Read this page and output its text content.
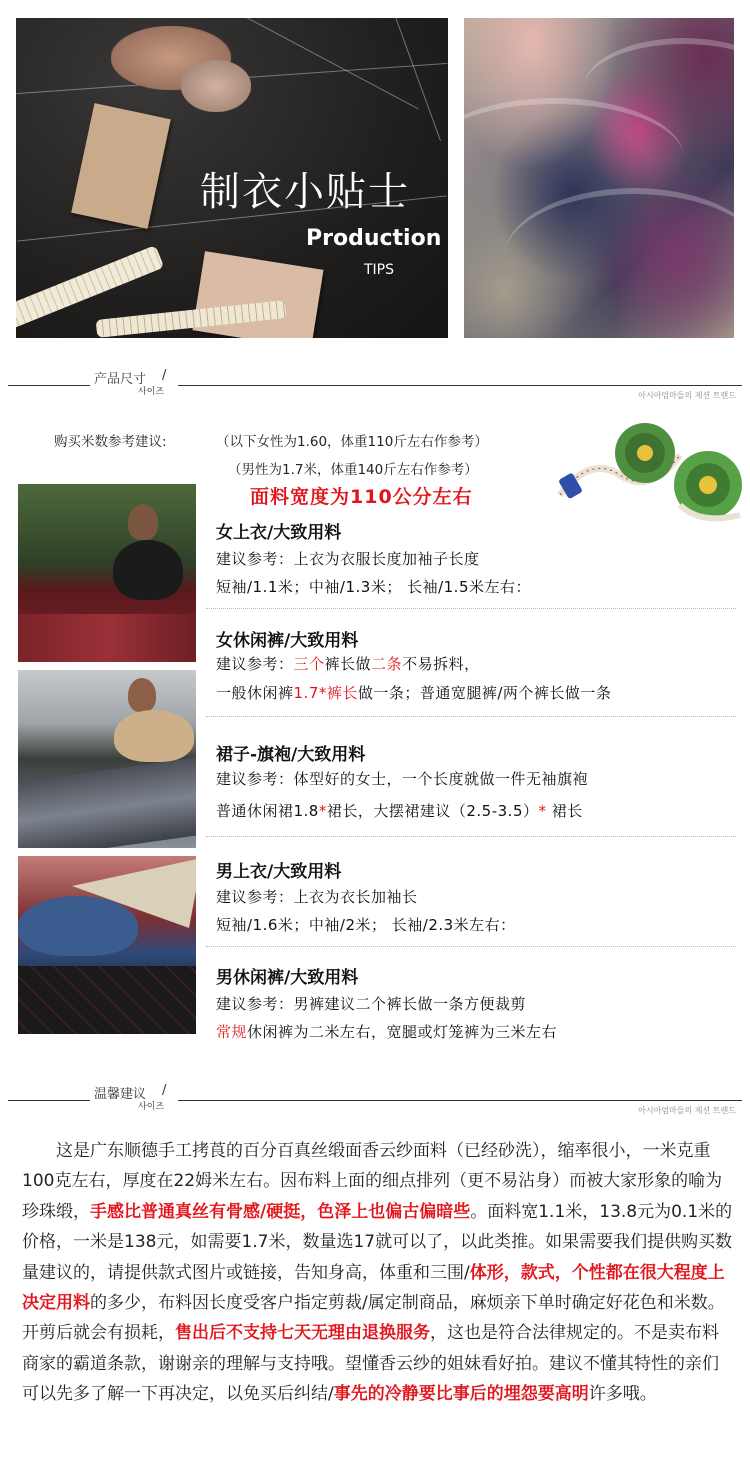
制衣小贴士
Production
TIPS
产品尺寸 /
사이즈	아시아엄마들의 제션 트렌드
购买米数参考建议:	（以下女性为1.60，体重110斤左右作参考）
（男性为1.7米，体重140斤左右作参考）
面料宽度为110公分左右
女上衣/大致用料
建议参考：上衣为衣服长度加袖子长度
短袖/1.1米；中袖/1.3米； 长袖/1.5米左右：
女休闲裤/大致用料
建议参考：三个裤长做二条不易拆料，
一般休闲裤1.7*裤长做一条；普通宽腿裤/两个裤长做一条
裙子-旗袍/大致用料
建议参考：体型好的女士，一个长度就做一件无袖旗袍
普通休闲裙1.8*裙长，大摆裙建议（2.5-3.5）* 裙长
男上衣/大致用料
建议参考：上衣为衣长加袖长
短袖/1.6米；中袖/2米； 长袖/2.3米左右：
男休闲裤/大致用料
建议参考：男裤建议二个裤长做一条方便裁剪
常规休闲裤为二米左右，宽腿或灯笼裤为三米左右
温馨建议 /
사이즈	아시아엄마들의 제션 트렌드
这是广东顺德手工拷莨的百分百真丝缎面香云纱面料（已经砂洗），缩率很小，一米克重100克左右，厚度在22姆米左右。因布料上面的细点排列（更不易沾身）而被大家形象的喻为珍珠缎，手感比普通真丝有骨感/硬挺，色泽上也偏古偏暗些。面料宽1.1米，13.8元为0.1米的价格，一米是138元，如需要1.7米，数量选17就可以了，以此类推。如果需要我们提供购买数量建议的，请提供款式图片或链接，告知身高，体重和三围/体形，款式，个性都在很大程度上决定用料的多少，布料因长度受客户指定剪裁/属定制商品，麻烦亲下单时确定好花色和米数。开剪后就会有损耗，售出后不支持七天无理由退换服务，这也是符合法律规定的。不是卖布料商家的霸道条款，谢谢亲的理解与支持哦。望懂香云纱的姐妹看好拍。建议不懂其特性的亲们可以先多了解一下再决定，以免买后纠结/事先的冷静要比事后的埋怨要高明许多哦。
